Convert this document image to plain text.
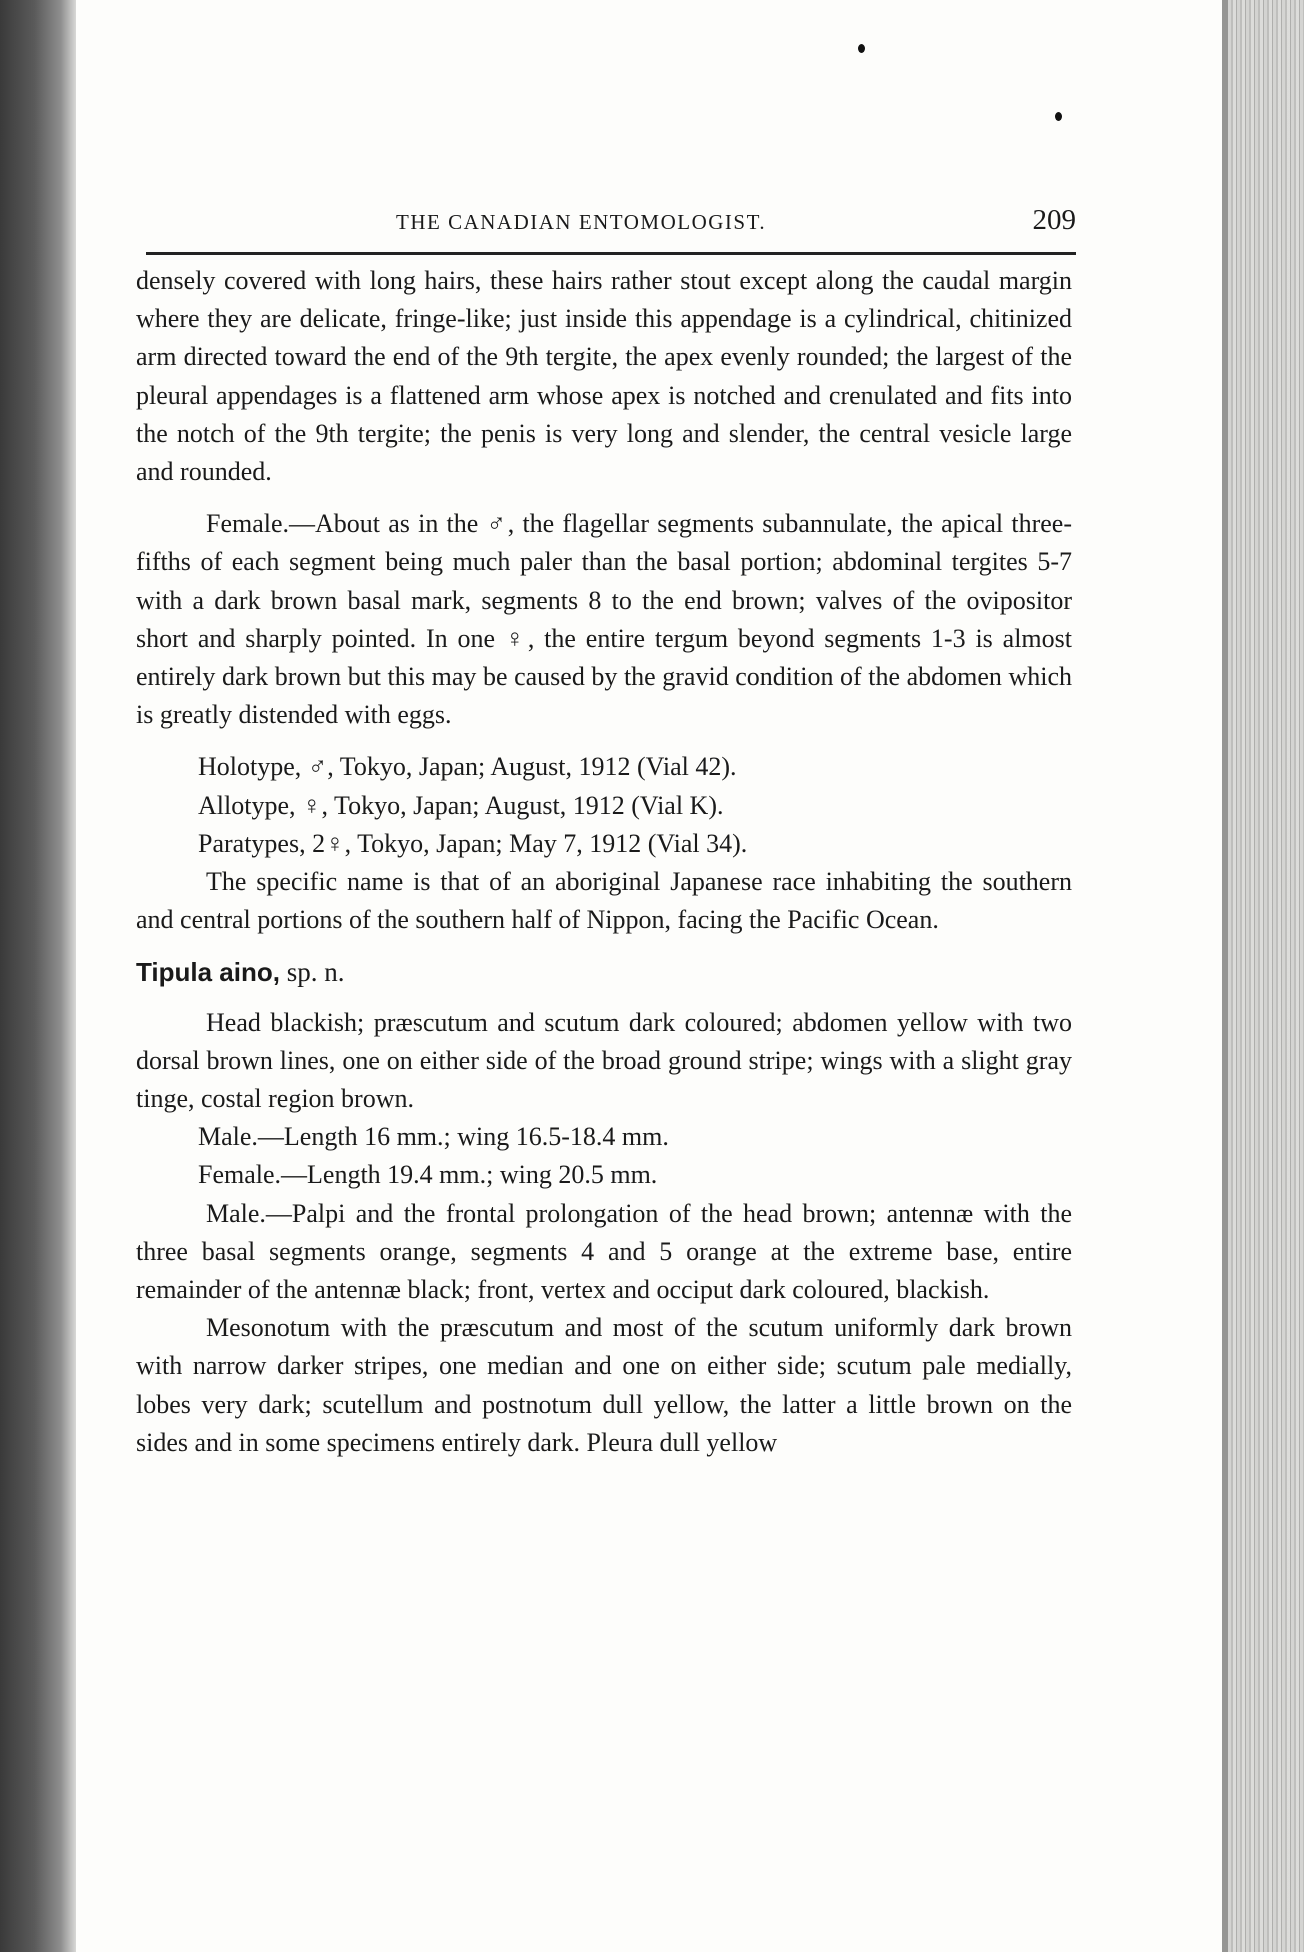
THE CANADIAN ENTOMOLOGIST.	209

densely covered with long hairs, these hairs rather stout except along the caudal margin where they are delicate, fringe-like; just inside this appendage is a cylindrical, chitinized arm directed toward the end of the 9th tergite, the apex evenly rounded; the largest of the pleural appendages is a flattened arm whose apex is notched and crenulated and fits into the notch of the 9th tergite; the penis is very long and slender, the central vesicle large and rounded.

Female.—About as in the ♂, the flagellar segments subannulate, the apical three-fifths of each segment being much paler than the basal portion; abdominal tergites 5-7 with a dark brown basal mark, segments 8 to the end brown; valves of the ovipositor short and sharply pointed. In one ♀, the entire tergum beyond segments 1-3 is almost entirely dark brown but this may be caused by the gravid condition of the abdomen which is greatly distended with eggs.

Holotype, ♂, Tokyo, Japan; August, 1912 (Vial 42).

Allotype, ♀, Tokyo, Japan; August, 1912 (Vial K).

Paratypes, 2♀, Tokyo, Japan; May 7, 1912 (Vial 34).

The specific name is that of an aboriginal Japanese race inhabiting the southern and central portions of the southern half of Nippon, facing the Pacific Ocean.

Tipula aino, sp. n.

Head blackish; præscutum and scutum dark coloured; abdomen yellow with two dorsal brown lines, one on either side of the broad ground stripe; wings with a slight gray tinge, costal region brown.

Male.—Length 16 mm.; wing 16.5-18.4 mm.

Female.—Length 19.4 mm.; wing 20.5 mm.

Male.—Palpi and the frontal prolongation of the head brown; antennæ with the three basal segments orange, segments 4 and 5 orange at the extreme base, entire remainder of the antennæ black; front, vertex and occiput dark coloured, blackish.

Mesonotum with the præscutum and most of the scutum uniformly dark brown with narrow darker stripes, one median and one on either side; scutum pale medially, lobes very dark; scutellum and postnotum dull yellow, the latter a little brown on the sides and in some specimens entirely dark. Pleura dull yellow
